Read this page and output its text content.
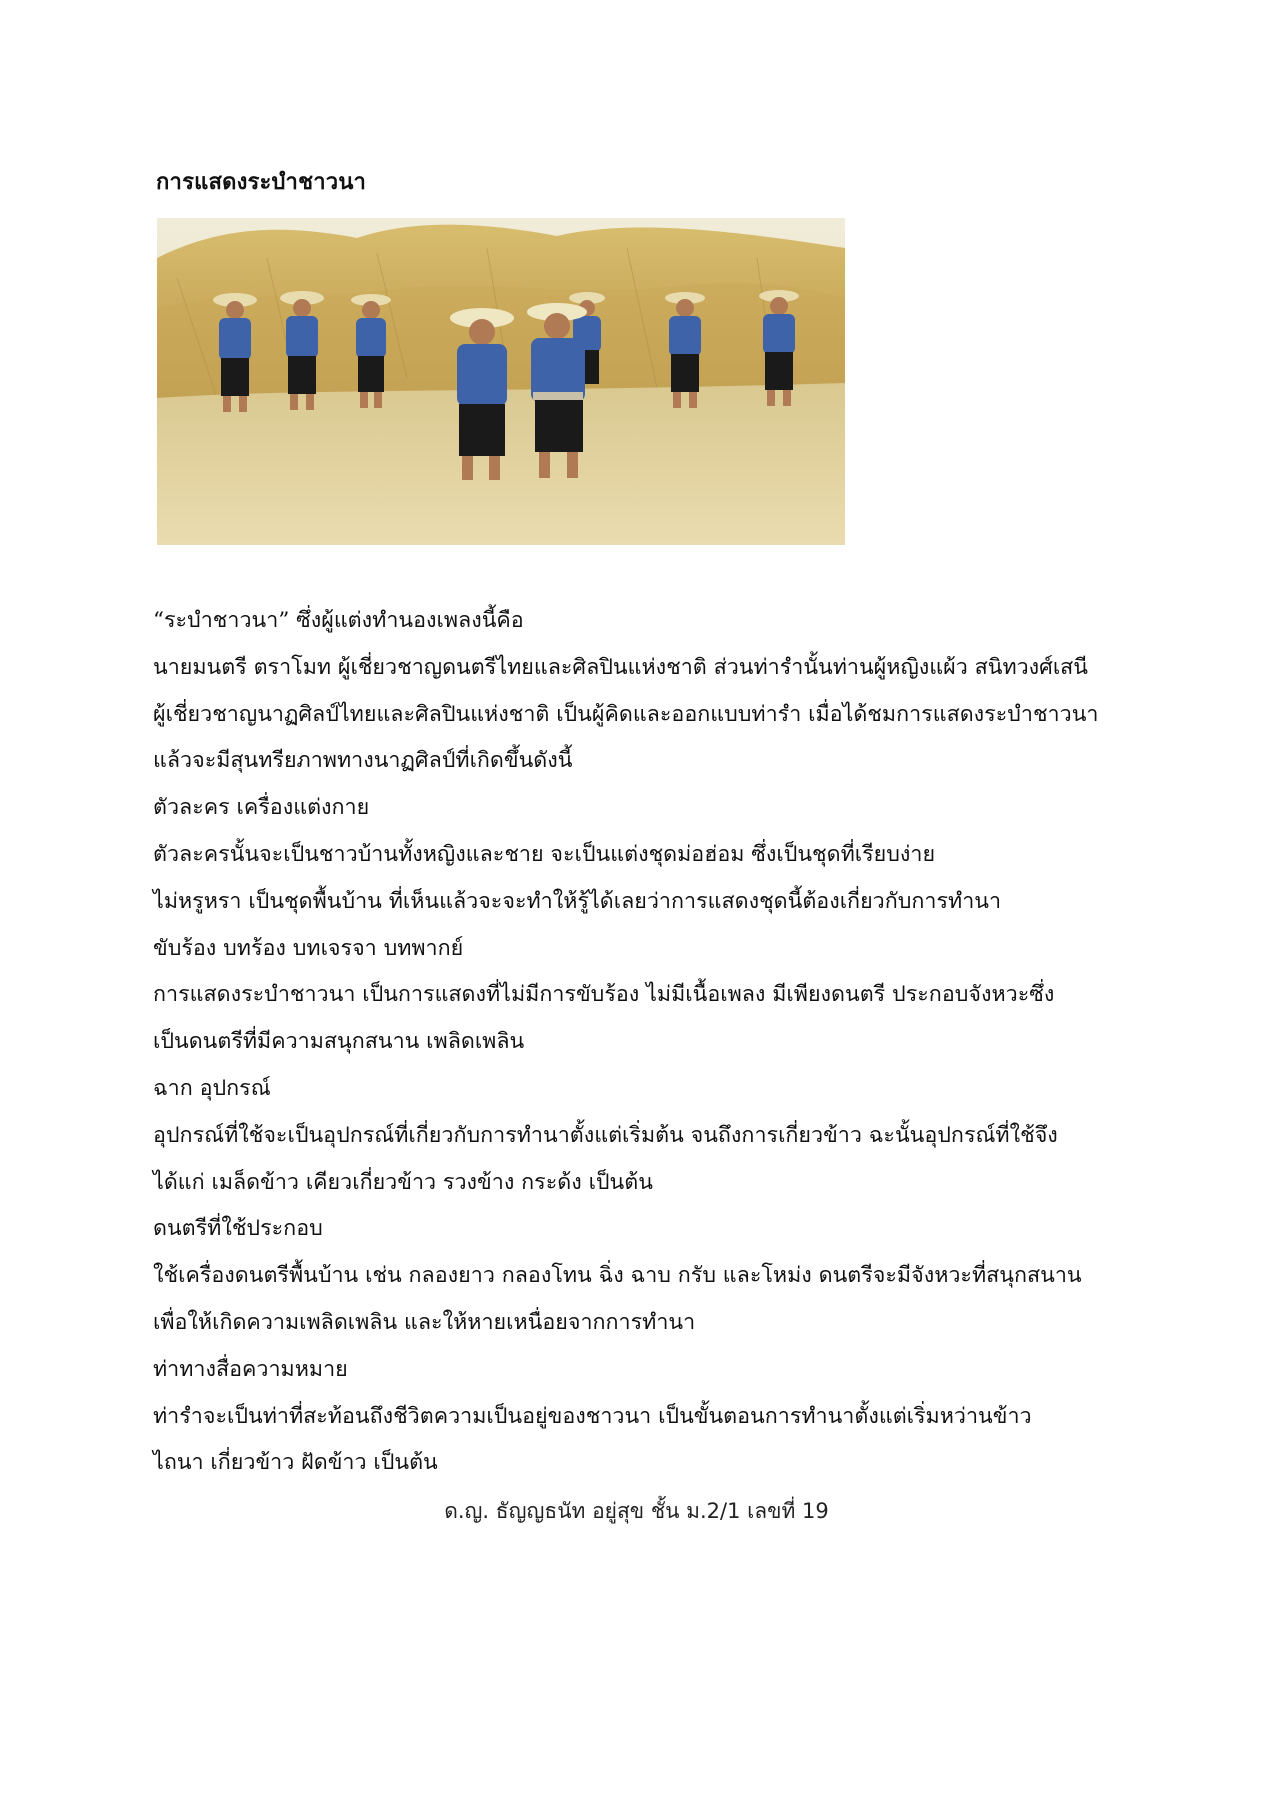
การแสดงระบำชาวนา

“ระบำชาวนา” ซึ่งผู้แต่งทำนองเพลงนี้คือ

นายมนตรี ตราโมท ผู้เชี่ยวชาญดนตรีไทยและศิลปินแห่งชาติ ส่วนท่ารำนั้นท่านผู้หญิงแผ้ว สนิทวงศ์เสนี

ผู้เชี่ยวชาญนาฏศิลป์ไทยและศิลปินแห่งชาติ เป็นผู้คิดและออกแบบท่ารำ เมื่อได้ชมการแสดงระบำชาวนา

แล้วจะมีสุนทรียภาพทางนาฏศิลป์ที่เกิดขึ้นดังนี้

ตัวละคร เครื่องแต่งกาย

ตัวละครนั้นจะเป็นชาวบ้านทั้งหญิงและชาย จะเป็นแต่งชุดม่อฮ่อม ซึ่งเป็นชุดที่เรียบง่าย

ไม่หรูหรา เป็นชุดพื้นบ้าน ที่เห็นแล้วจะจะทำให้รู้ได้เลยว่าการแสดงชุดนี้ต้องเกี่ยวกับการทำนา

ขับร้อง บทร้อง บทเจรจา บทพากย์

การแสดงระบำชาวนา เป็นการแสดงที่ไม่มีการขับร้อง ไม่มีเนื้อเพลง มีเพียงดนตรี ประกอบจังหวะซึ่ง

เป็นดนตรีที่มีความสนุกสนาน เพลิดเพลิน

ฉาก อุปกรณ์

อุปกรณ์ที่ใช้จะเป็นอุปกรณ์ที่เกี่ยวกับการทำนาตั้งแต่เริ่มต้น จนถึงการเกี่ยวข้าว ฉะนั้นอุปกรณ์ที่ใช้จึง

ได้แก่ เมล็ดข้าว เคียวเกี่ยวข้าว รวงข้าง กระด้ง เป็นต้น

ดนตรีที่ใช้ประกอบ

ใช้เครื่องดนตรีพื้นบ้าน เช่น กลองยาว กลองโทน ฉิ่ง ฉาบ กรับ และโหม่ง ดนตรีจะมีจังหวะที่สนุกสนาน

เพื่อให้เกิดความเพลิดเพลิน และให้หายเหนื่อยจากการทำนา

ท่าทางสื่อความหมาย

ท่ารำจะเป็นท่าที่สะท้อนถึงชีวิตความเป็นอยู่ของชาวนา เป็นขั้นตอนการทำนาตั้งแต่เริ่มหว่านข้าว

ไถนา เกี่ยวข้าว ฝัดข้าว เป็นต้น

ด.ญ. ธัญญธนัท อยู่สุข ชั้น ม.2/1 เลขที่ 19
